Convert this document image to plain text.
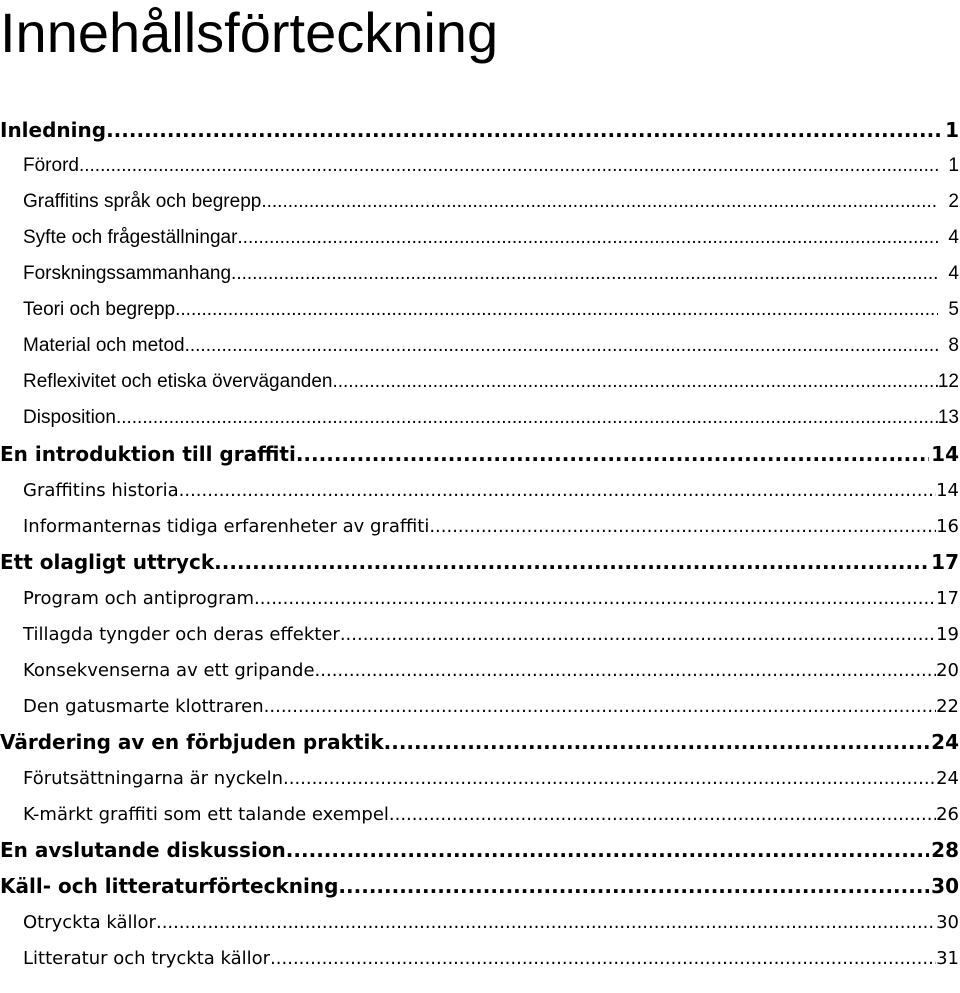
Innehållsförteckning
Inledning .....	1
Förord .....	1
Graffitins språk och begrepp .....	2
Syfte och frågeställningar .....	4
Forskningssammanhang .....	4
Teori och begrepp .....	5
Material och metod .....	8
Reflexivitet och etiska överväganden .....	12
Disposition .....	13
En introduktion till graffiti .....	14
Graffitins historia .....	14
Informanternas tidiga erfarenheter av graffiti .....	16
Ett olagligt uttryck .....	17
Program och antiprogram .....	17
Tillagda tyngder och deras effekter .....	19
Konsekvenserna av ett gripande .....	20
Den gatusmarte klottraren .....	22
Värdering av en förbjuden praktik .....	24
Förutsättningarna är nyckeln .....	24
K-märkt graffiti som ett talande exempel .....	26
En avslutande diskussion .....	28
Käll- och litteraturförteckning .....	30
Otryckta källor .....	30
Litteratur och tryckta källor .....	31
